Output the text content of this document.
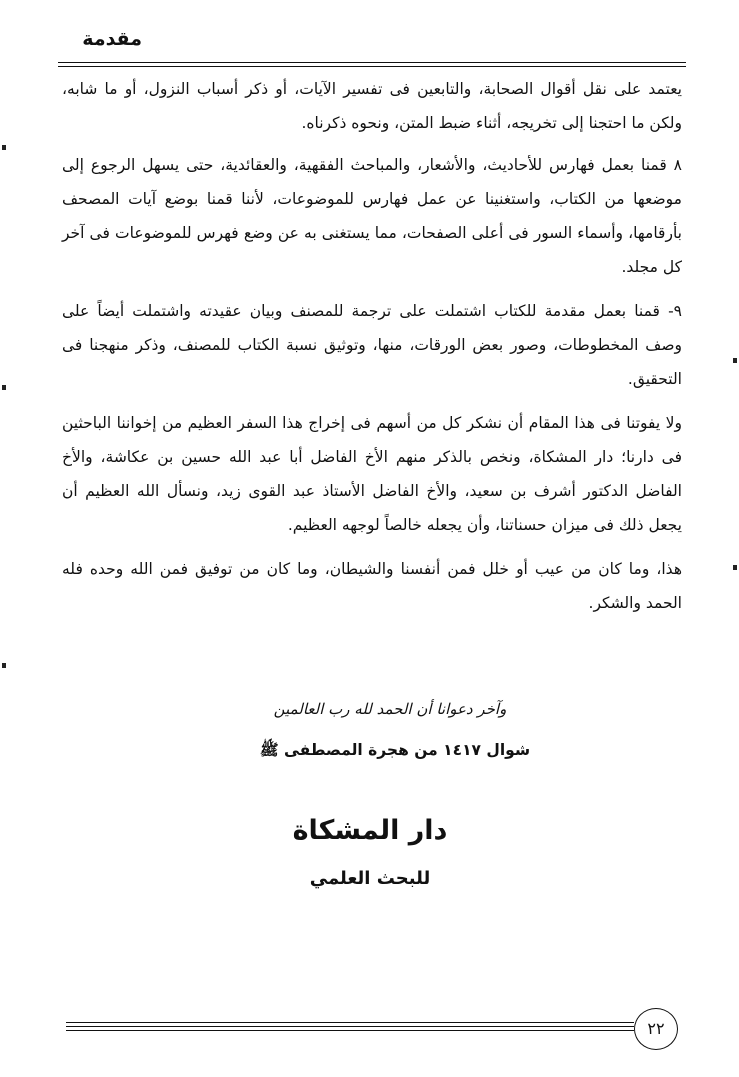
مقدمة

يعتمد على نقل أقوال الصحابة، والتابعين فى تفسير الآيات، أو ذكر أسباب النزول، أو ما شابه، ولكن ما احتجنا إلى تخريجه، أثناء ضبط المتن، ونحوه ذكرناه.

٨ قمنا بعمل فهارس للأحاديث، والأشعار، والمباحث الفقهية، والعقائدية، حتى يسهل الرجوع إلى موضعها من الكتاب، واستغنينا عن عمل فهارس للموضوعات، لأننا قمنا بوضع آيات المصحف بأرقامها، وأسماء السور فى أعلى الصفحات، مما يستغنى به عن وضع فهرس للموضوعات فى آخر كل مجلد.

٩- قمنا بعمل مقدمة للكتاب اشتملت على ترجمة للمصنف وبيان عقيدته واشتملت أيضاً على وصف المخطوطات، وصور بعض الورقات، منها، وتوثيق نسبة الكتاب للمصنف، وذكر منهجنا فى التحقيق.

ولا يفوتنا فى هذا المقام أن نشكر كل من أسهم فى إخراج هذا السفر العظيم من إخواننا الباحثين فى دارنا؛ دار المشكاة، ونخص بالذكر منهم الأخ الفاضل أبا عبد الله حسين بن عكاشة، والأخ الفاضل الدكتور أشرف بن سعيد، والأخ الفاضل الأستاذ عبد القوى زيد، ونسأل الله العظيم أن يجعل ذلك فى ميزان حسناتنا، وأن يجعله خالصاً لوجهه العظيم.

هذا، وما كان من عيب أو خلل فمن أنفسنا والشيطان، وما كان من توفيق فمن الله وحده فله الحمد والشكر.

وآخر دعوانا أن الحمد لله رب العالمين
شوال ١٤١٧ من هجرة المصطفى ﷺ
دار المشكاة
للبحث العلمي
٢٢
